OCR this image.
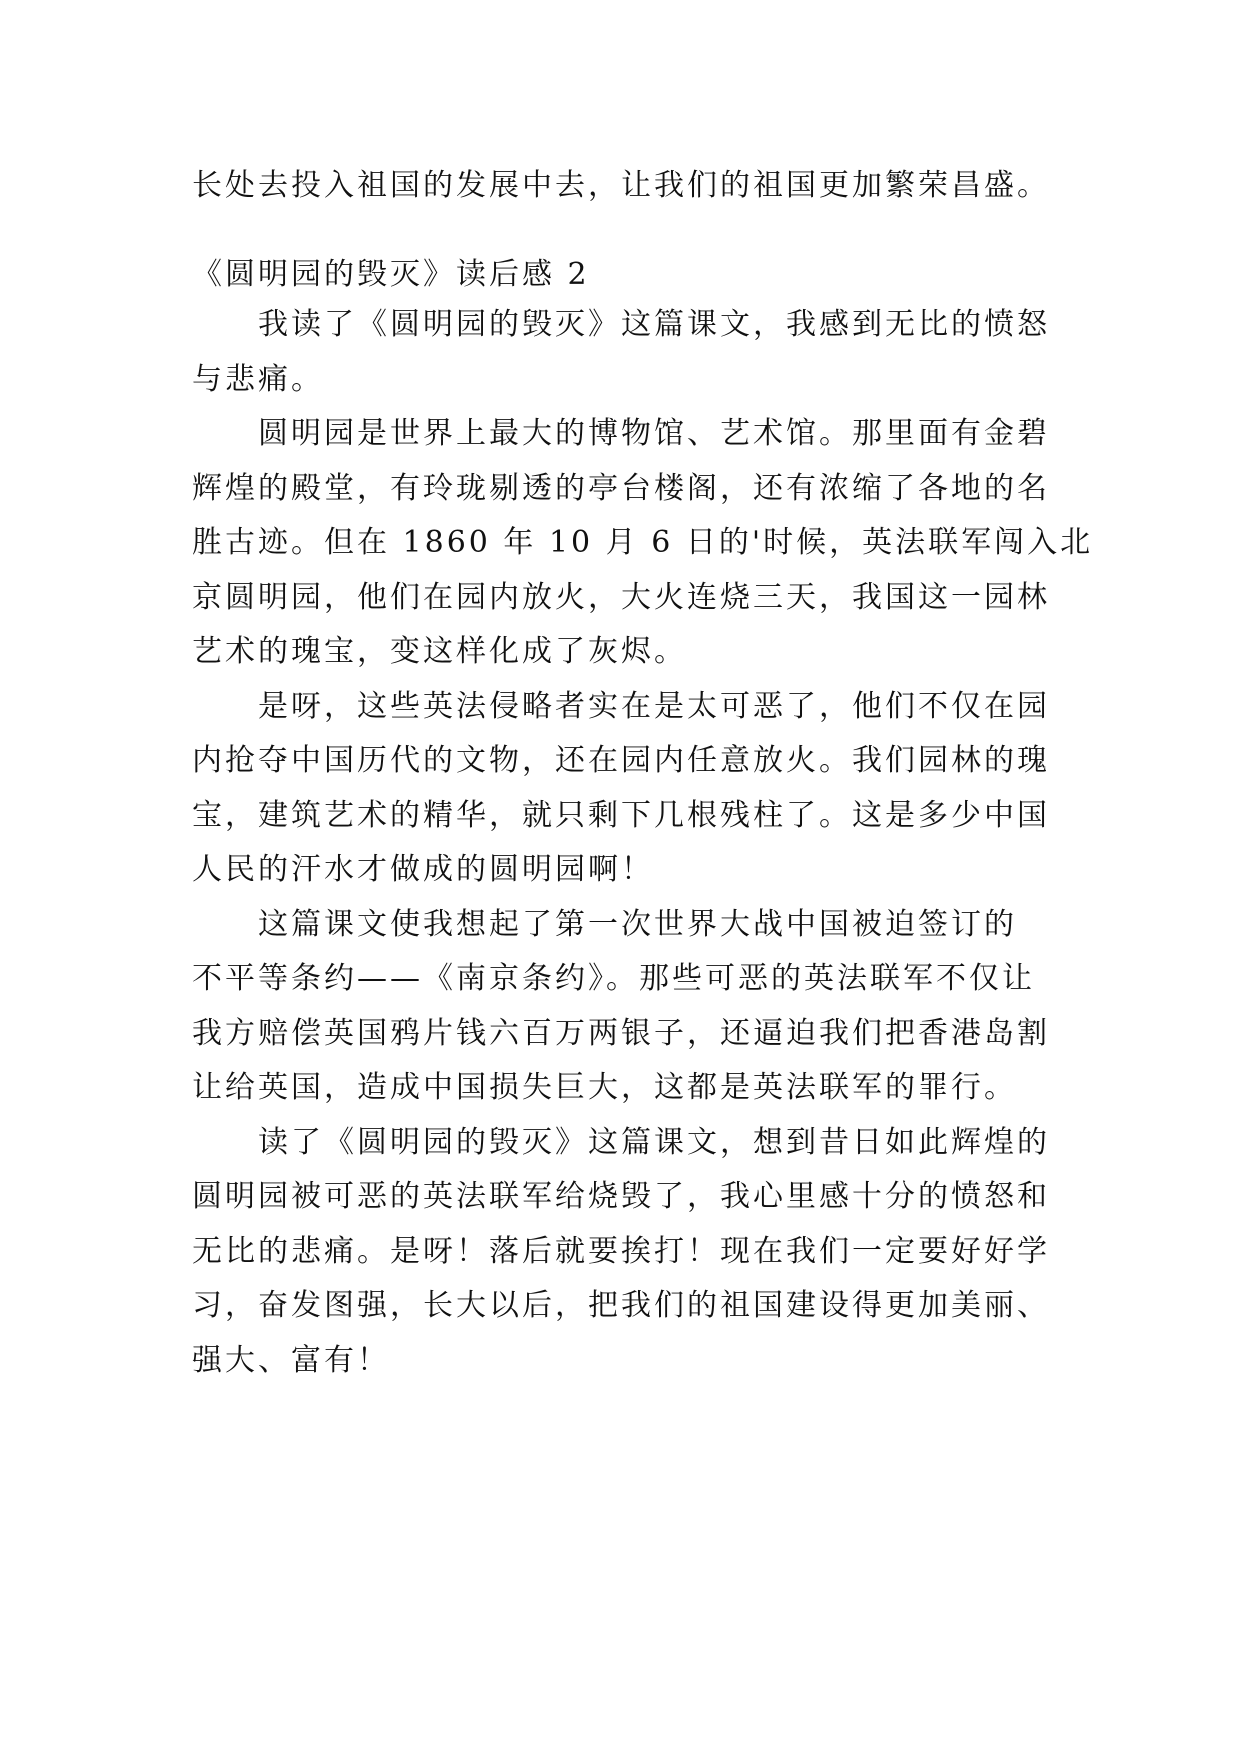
长处去投入祖国的发展中去，让我们的祖国更加繁荣昌盛。
《圆明园的毁灭》读后感 2
我读了《圆明园的毁灭》这篇课文，我感到无比的愤怒
与悲痛。
圆明园是世界上最大的博物馆、艺术馆。那里面有金碧
辉煌的殿堂，有玲珑剔透的亭台楼阁，还有浓缩了各地的名
胜古迹。但在 1860 年 10 月 6 日的'时候，英法联军闯入北
京圆明园，他们在园内放火，大火连烧三天，我国这一园林
艺术的瑰宝，变这样化成了灰烬。
是呀，这些英法侵略者实在是太可恶了，他们不仅在园
内抢夺中国历代的文物，还在园内任意放火。我们园林的瑰
宝，建筑艺术的精华，就只剩下几根残柱了。这是多少中国
人民的汗水才做成的圆明园啊！
这篇课文使我想起了第一次世界大战中国被迫签订的
不平等条约——《南京条约》。那些可恶的英法联军不仅让
我方赔偿英国鸦片钱六百万两银子，还逼迫我们把香港岛割
让给英国，造成中国损失巨大，这都是英法联军的罪行。
读了《圆明园的毁灭》这篇课文，想到昔日如此辉煌的
圆明园被可恶的英法联军给烧毁了，我心里感十分的愤怒和
无比的悲痛。是呀！落后就要挨打！现在我们一定要好好学
习，奋发图强，长大以后，把我们的祖国建设得更加美丽、
强大、富有！
